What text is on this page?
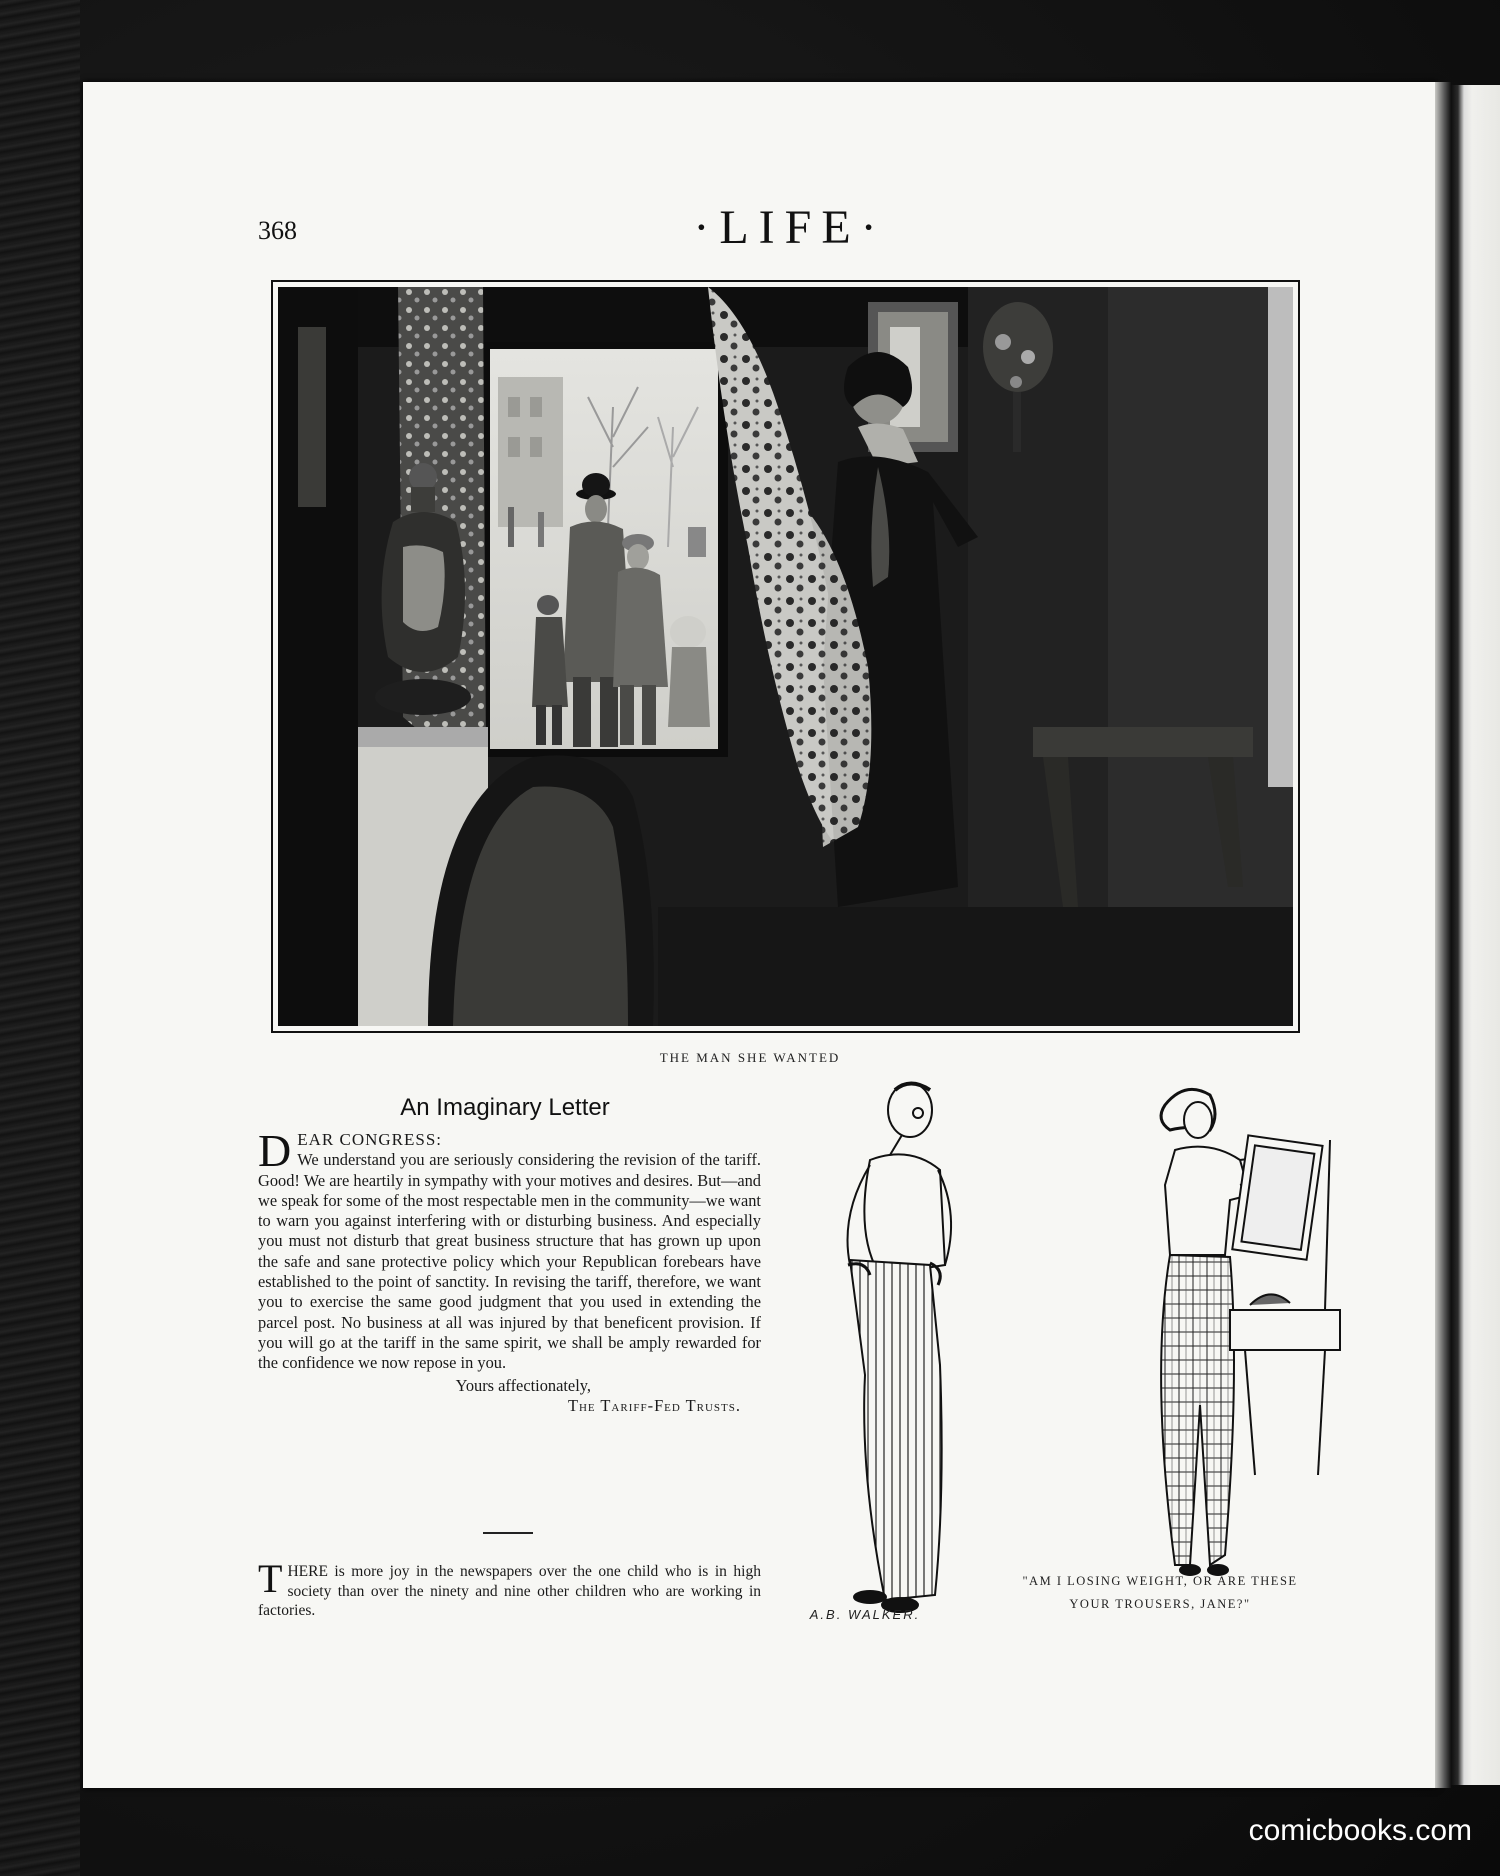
368	·LIFE·
THE MAN SHE WANTED
An Imaginary Letter
D EAR CONGRESS:

We understand you are seriously considering the revision of the tariff. Good! We are heartily in sympathy with your motives and desires. But—and we speak for some of the most respectable men in the community—we want to warn you against interfering with or disturbing business. And especially you must not disturb that great business structure that has grown up upon the safe and sane protective policy which your Republican forebears have established to the point of sanctity. In revising the tariff, therefore, we want you to exercise the same good judgment that you used in extending the parcel post. No business at all was injured by that beneficent provision. If you will go at the tariff in the same spirit, we shall be amply rewarded for the confidence we now repose in you.

Yours affectionately,
The Tariff-Fed Trusts.
T HERE is more joy in the newspapers over the one child who is in high society than over the ninety and nine other children who are working in factories.
"AM I LOSING WEIGHT, OR ARE THESE
YOUR TROUSERS, JANE?"
A.B. WALKER.
comicbooks.com
